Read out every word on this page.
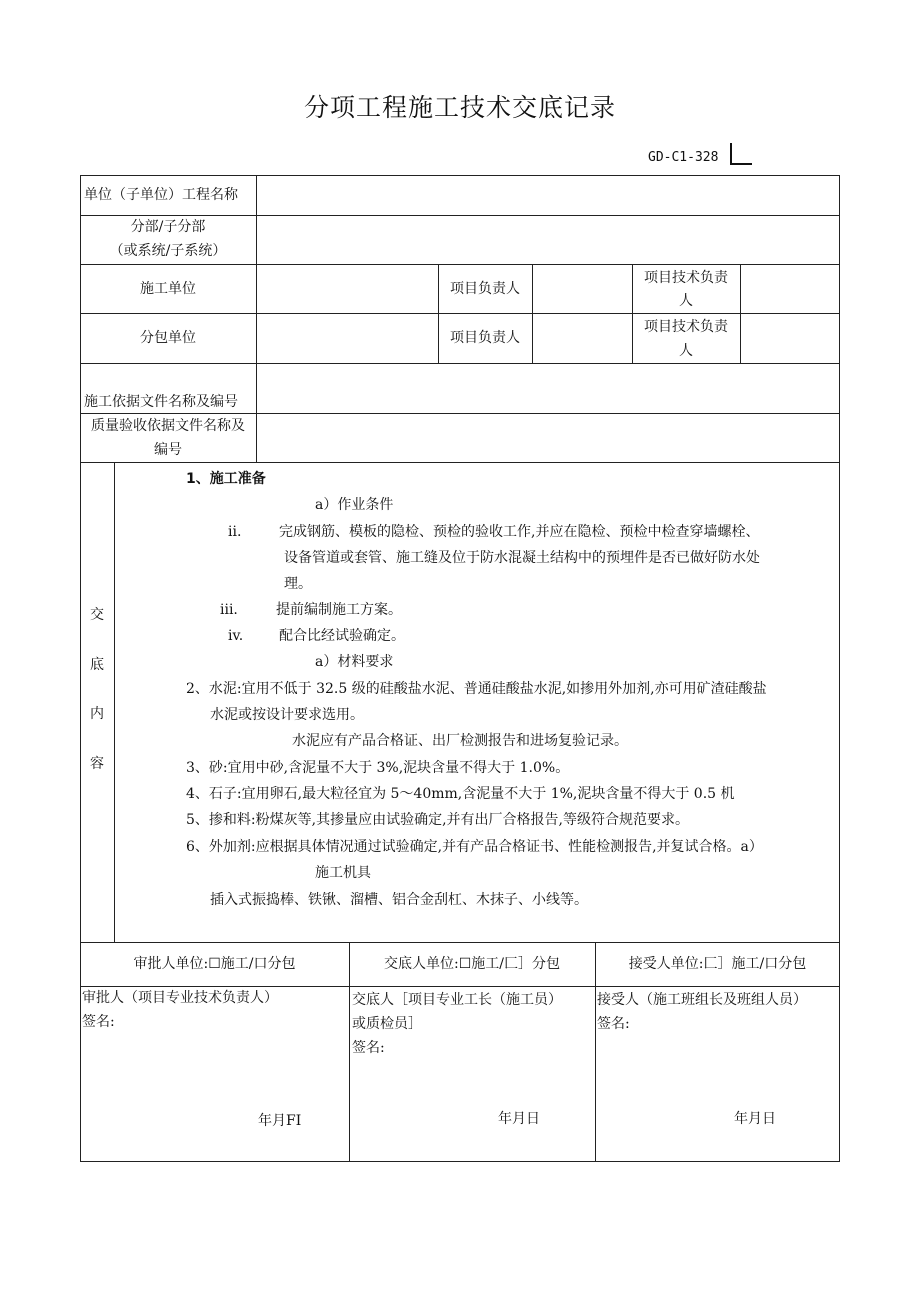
分项工程施工技术交底记录
GD-C1-328
单位（子单位）工程名称
分部/子分部
（或系统/子系统）
施工单位	项目负责人
项目技术负责
人
分包单位	项目负责人
项目技术负责
人
施工依据文件名称及编号
质量验收依据文件名称及
编号
交
底
内
容
1、施工准备
a）作业条件
ii.	完成钢筋、模板的隐检、预检的验收工作,并应在隐检、预检中检查穿墙螺栓、
设备管道或套管、施工缝及位于防水混凝土结构中的预埋件是否已做好防水处
理。
iii.	提前编制施工方案。
iv.	配合比经试验确定。
a）材料要求
2、水泥:宜用不低于 32.5 级的硅酸盐水泥、普通硅酸盐水泥,如掺用外加剂,亦可用矿渣硅酸盐
水泥或按设计要求选用。
水泥应有产品合格证、出厂检测报告和进场复验记录。
3、砂:宜用中砂,含泥量不大于 3%,泥块含量不得大于 1.0%。
4、石子:宜用卵石,最大粒径宜为 5～40mm,含泥量不大于 1%,泥块含量不得大于 0.5 机
5、掺和料:粉煤灰等,其掺量应由试验确定,并有出厂合格报告,等级符合规范要求。
6、外加剂:应根据具体情况通过试验确定,并有产品合格证书、性能检测报告,并复试合格。a）
施工机具
插入式振捣棒、铁锹、溜槽、铝合金刮杠、木抹子、小线等。
审批人单位:☐施工/口分包	交底人单位:☐施工/匚］分包	接受人单位:匚］施工/口分包
审批人（项目专业技术负责人）
签名:
年月FI
交底人［项目专业工长（施工员）
或质检员］
签名:
年月日
接受人（施工班组长及班组人员）
签名:
年月日
